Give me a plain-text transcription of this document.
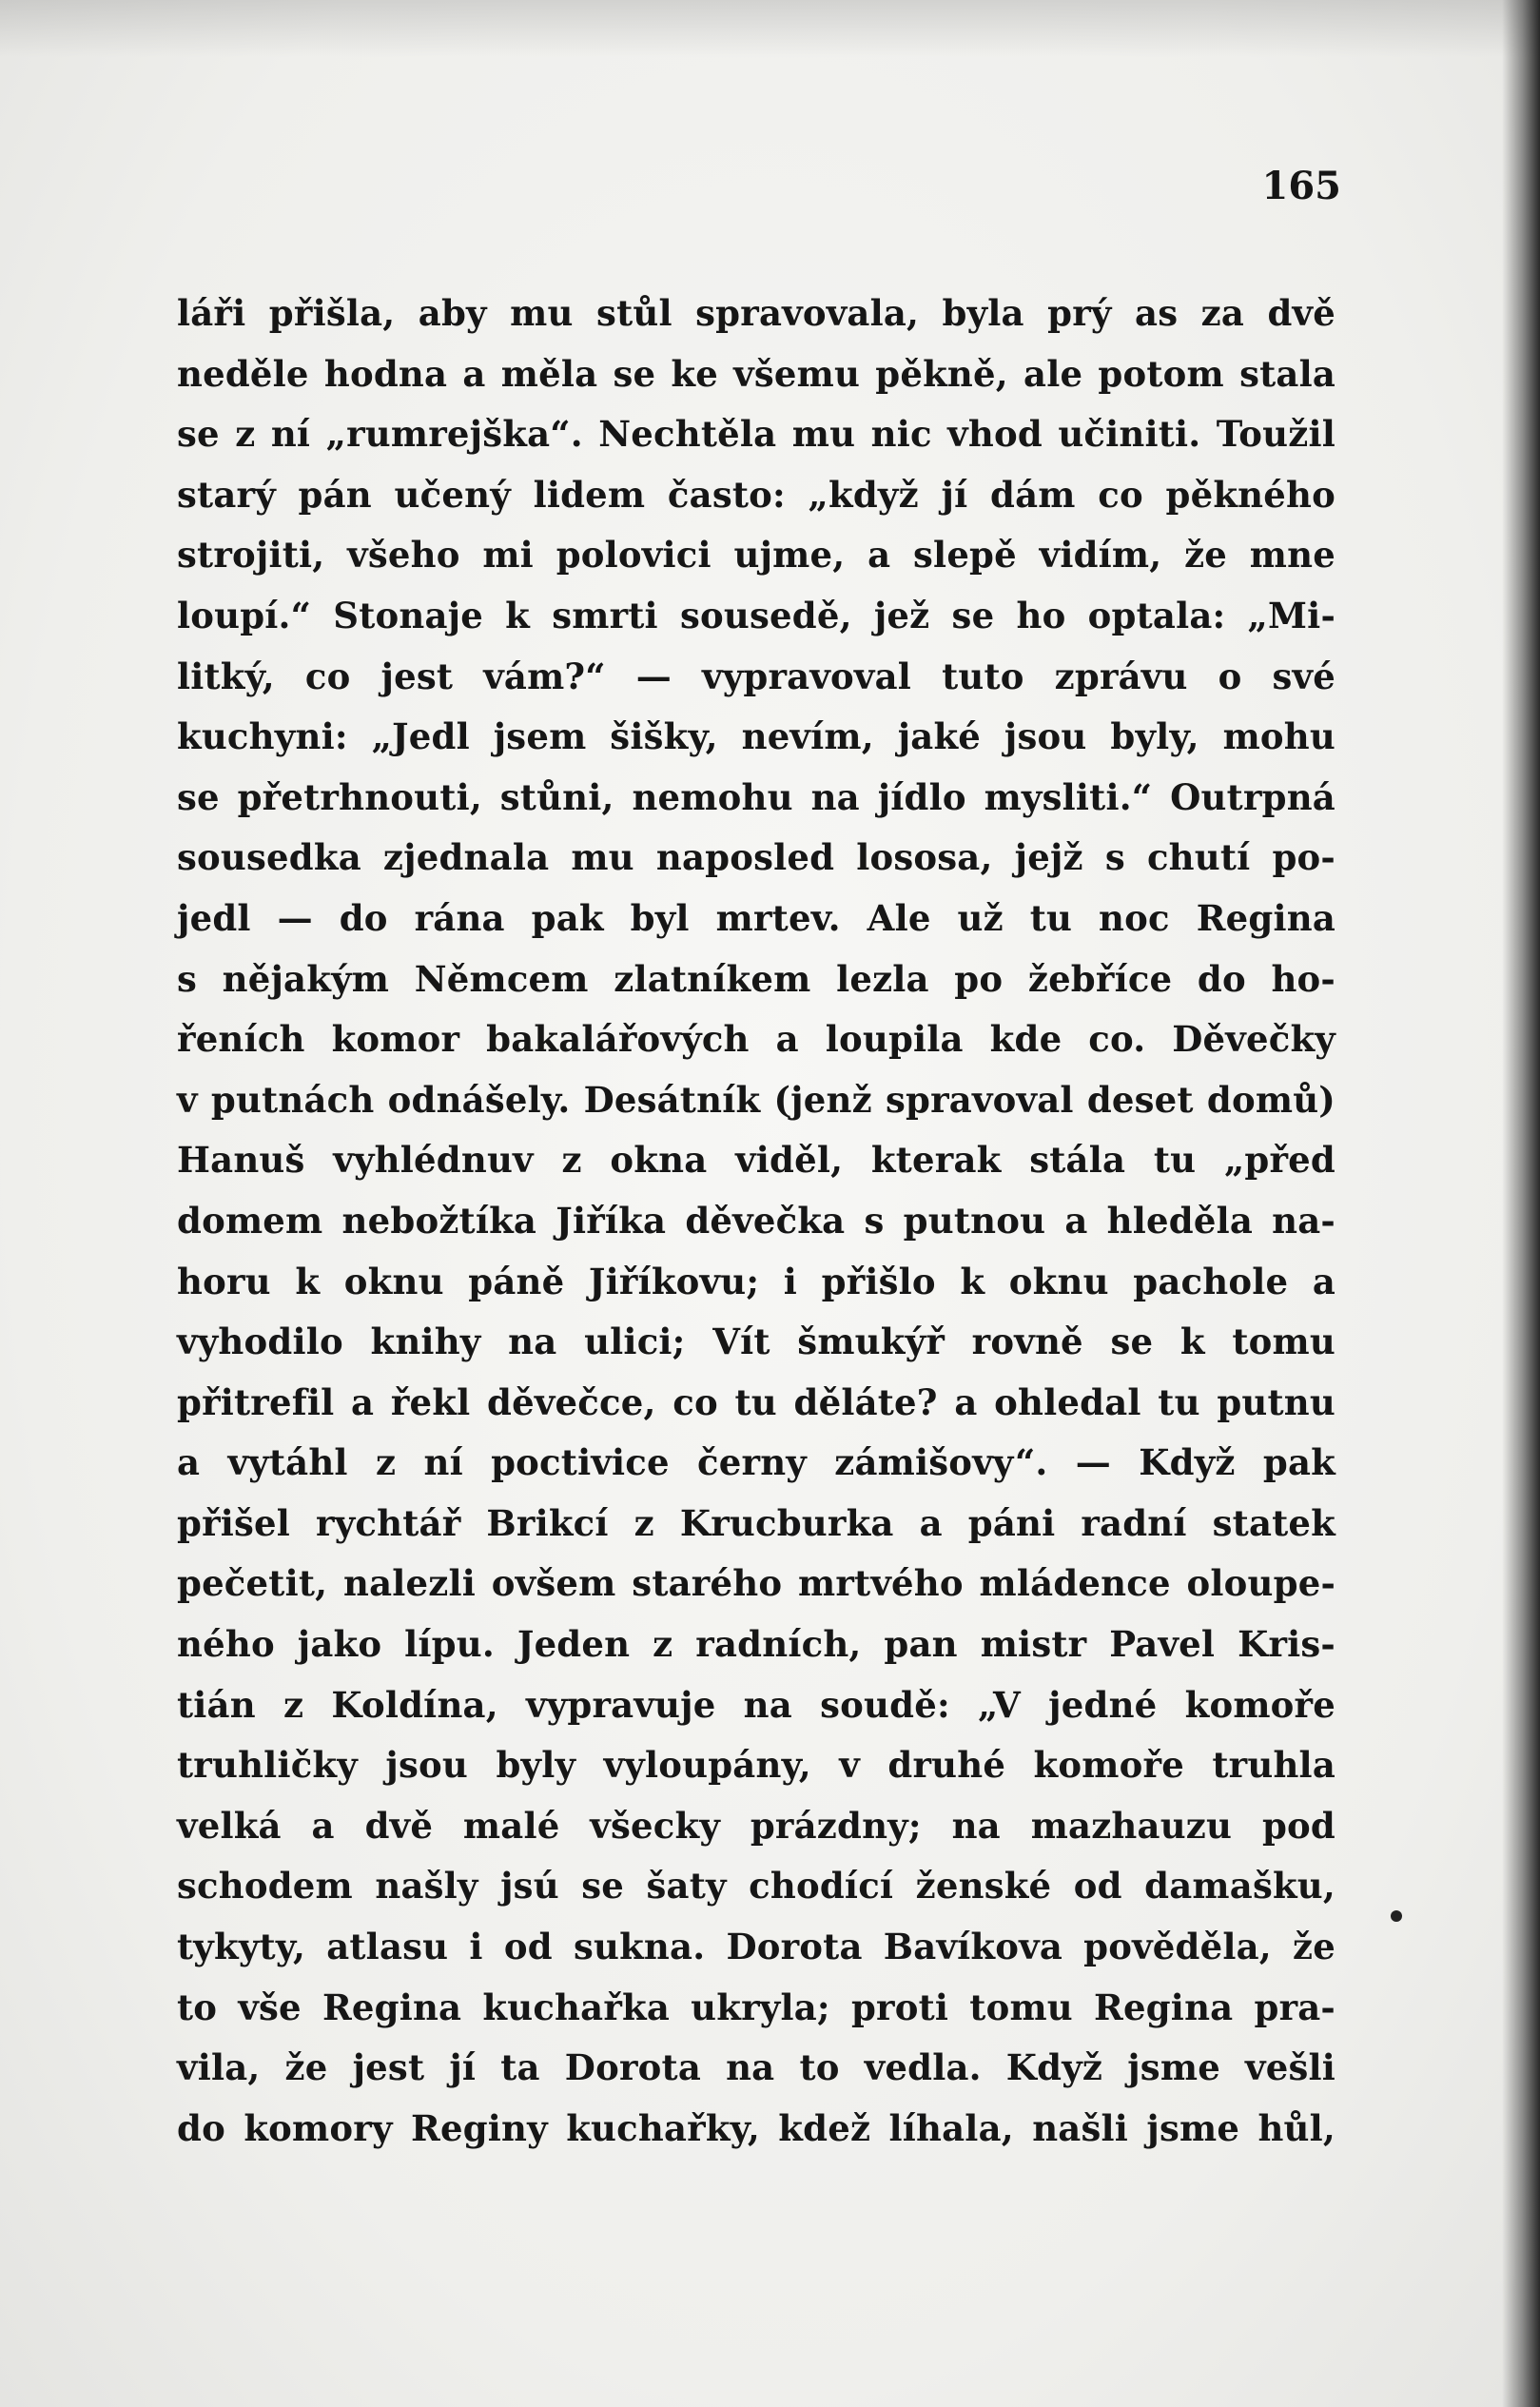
165
láři přišla, aby mu stůl spravovala, byla prý as za dvě
neděle hodna a měla se ke všemu pěkně, ale potom stala
se z ní „rumrejška“. Nechtěla mu nic vhod učiniti. Toužil
starý pán učený lidem často: „když jí dám co pěkného
strojiti, všeho mi polovici ujme, a slepě vidím, že mne
loupí.“ Stonaje k smrti sousedě, jež se ho optala: „Mi-
litký, co jest vám?“ — vypravoval tuto zprávu o své
kuchyni: „Jedl jsem šišky, nevím, jaké jsou byly, mohu
se přetrhnouti, stůni, nemohu na jídlo mysliti.“ Outrpná
sousedka zjednala mu naposled lososa, jejž s chutí po-
jedl — do rána pak byl mrtev. Ale už tu noc Regina
s nějakým Němcem zlatníkem lezla po žebříce do ho-
řeních komor bakalářových a loupila kde co. Děvečky
v putnách odnášely. Desátník (jenž spravoval deset domů)
Hanuš vyhlédnuv z okna viděl, kterak stála tu „před
domem nebožtíka Jiříka děvečka s putnou a hleděla na-
horu k oknu páně Jiříkovu; i přišlo k oknu pachole a
vyhodilo knihy na ulici; Vít šmukýř rovně se k tomu
přitrefil a řekl děvečce, co tu děláte? a ohledal tu putnu
a vytáhl z ní poctivice černy zámišovy“. — Když pak
přišel rychtář Brikcí z Krucburka a páni radní statek
pečetit, nalezli ovšem starého mrtvého mládence oloupe-
ného jako lípu. Jeden z radních, pan mistr Pavel Kris-
tián z Koldína, vypravuje na soudě: „V jedné komoře
truhličky jsou byly vyloupány, v druhé komoře truhla
velká a dvě malé všecky prázdny; na mazhauzu pod
schodem našly jsú se šaty chodící ženské od damašku,
tykyty, atlasu i od sukna. Dorota Bavíkova pověděla, že
to vše Regina kuchařka ukryla; proti tomu Regina pra-
vila, že jest jí ta Dorota na to vedla. Když jsme vešli
do komory Reginy kuchařky, kdež líhala, našli jsme hůl,
